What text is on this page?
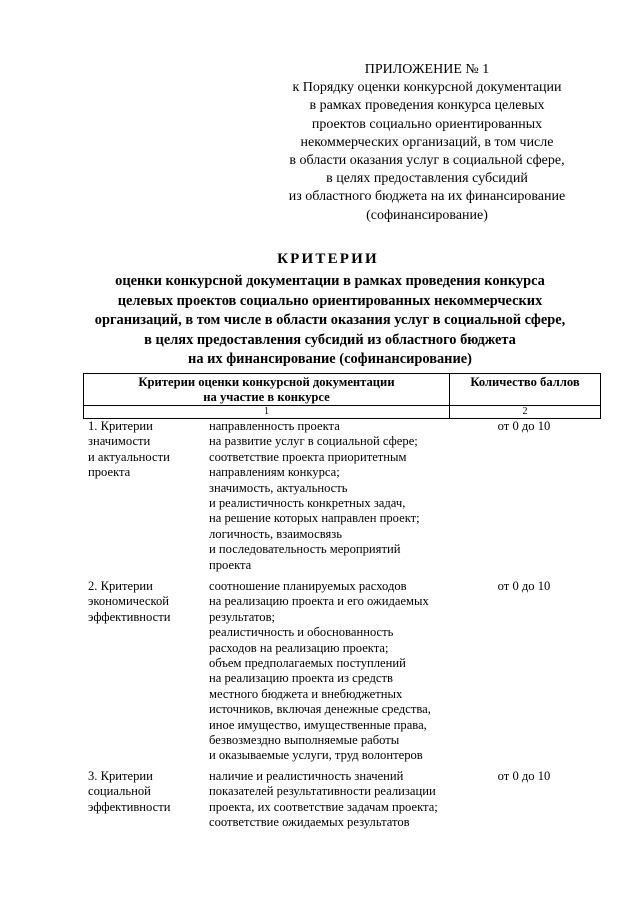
ПРИЛОЖЕНИЕ № 1
к Порядку оценки конкурсной документации
в рамках проведения конкурса целевых
проектов социально ориентированных
некоммерческих организаций, в том числе
в области оказания услуг в социальной сфере,
в целях предоставления субсидий
из областного бюджета на их финансирование
(софинансирование)
КРИТЕРИИ
оценки конкурсной документации в рамках проведения конкурса
целевых проектов социально ориентированных некоммерческих
организаций, в том числе в области оказания услуг в социальной сфере,
в целях предоставления субсидий из областного бюджета
на их финансирование (софинансирование)
Критерии оценки конкурсной документации
на участие в конкурсе
Количество баллов
1	2
1. Критерии
значимости
и актуальности
проекта
направленность проекта
на развитие услуг в социальной сфере;
соответствие проекта приоритетным
направлениям конкурса;
значимость, актуальность
и реалистичность конкретных задач,
на решение которых направлен проект;
логичность, взаимосвязь
и последовательность мероприятий
проекта
от 0 до 10
2. Критерии
экономической
эффективности
соотношение планируемых расходов
на реализацию проекта и его ожидаемых
результатов;
реалистичность и обоснованность
расходов на реализацию проекта;
объем предполагаемых поступлений
на реализацию проекта из средств
местного бюджета и внебюджетных
источников, включая денежные средства,
иное имущество, имущественные права,
безвозмездно выполняемые работы
и оказываемые услуги, труд волонтеров
от 0 до 10
3. Критерии
социальной
эффективности
наличие и реалистичность значений
показателей результативности реализации
проекта, их соответствие задачам проекта;
соответствие ожидаемых результатов
от 0 до 10
